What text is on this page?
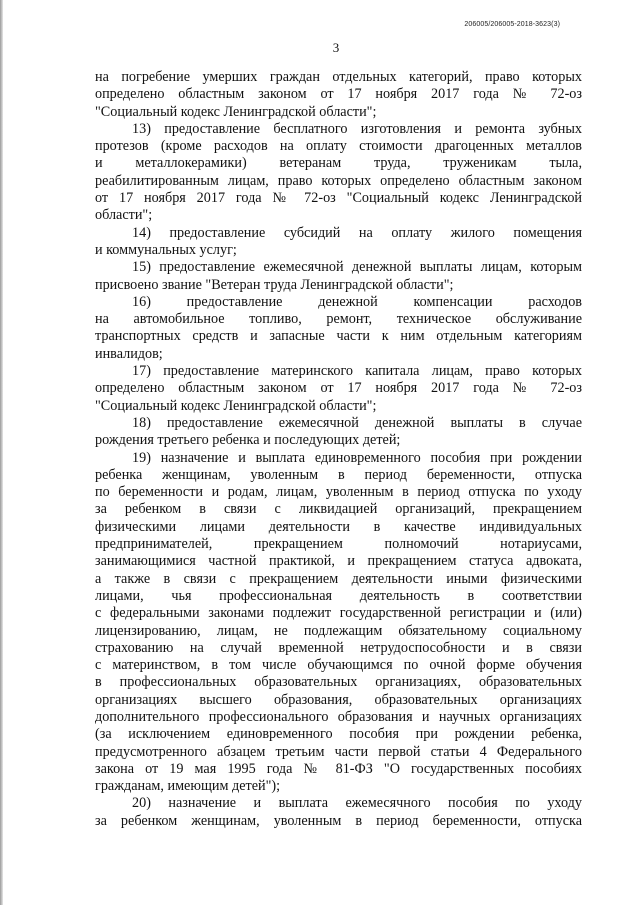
206005/206005-2018-3623(3)
3
на погребение умерших граждан отдельных категорий, право которых
определено областным законом от 17 ноября 2017 года № 72-оз
"Социальный кодекс Ленинградской области";
13) предоставление бесплатного изготовления и ремонта зубных
протезов (кроме расходов на оплату стоимости драгоценных металлов
и металлокерамики) ветеранам труда, труженикам тыла,
реабилитированным лицам, право которых определено областным законом
от 17 ноября 2017 года № 72-оз "Социальный кодекс Ленинградской
области";
14) предоставление субсидий на оплату жилого помещения
и коммунальных услуг;
15) предоставление ежемесячной денежной выплаты лицам, которым
присвоено звание "Ветеран труда Ленинградской области";
16) предоставление денежной компенсации расходов
на автомобильное топливо, ремонт, техническое обслуживание
транспортных средств и запасные части к ним отдельным категориям
инвалидов;
17) предоставление материнского капитала лицам, право которых
определено областным законом от 17 ноября 2017 года № 72-оз
"Социальный кодекс Ленинградской области";
18) предоставление ежемесячной денежной выплаты в случае
рождения третьего ребенка и последующих детей;
19) назначение и выплата единовременного пособия при рождении
ребенка женщинам, уволенным в период беременности, отпуска
по беременности и родам, лицам, уволенным в период отпуска по уходу
за ребенком в связи с ликвидацией организаций, прекращением
физическими лицами деятельности в качестве индивидуальных
предпринимателей, прекращением полномочий нотариусами,
занимающимися частной практикой, и прекращением статуса адвоката,
а также в связи с прекращением деятельности иными физическими
лицами, чья профессиональная деятельность в соответствии
с федеральными законами подлежит государственной регистрации и (или)
лицензированию, лицам, не подлежащим обязательному социальному
страхованию на случай временной нетрудоспособности и в связи
с материнством, в том числе обучающимся по очной форме обучения
в профессиональных образовательных организациях, образовательных
организациях высшего образования, образовательных организациях
дополнительного профессионального образования и научных организациях
(за исключением единовременного пособия при рождении ребенка,
предусмотренного абзацем третьим части первой статьи 4 Федерального
закона от 19 мая 1995 года № 81-ФЗ "О государственных пособиях
гражданам, имеющим детей");
20) назначение и выплата ежемесячного пособия по уходу
за ребенком женщинам, уволенным в период беременности, отпуска
